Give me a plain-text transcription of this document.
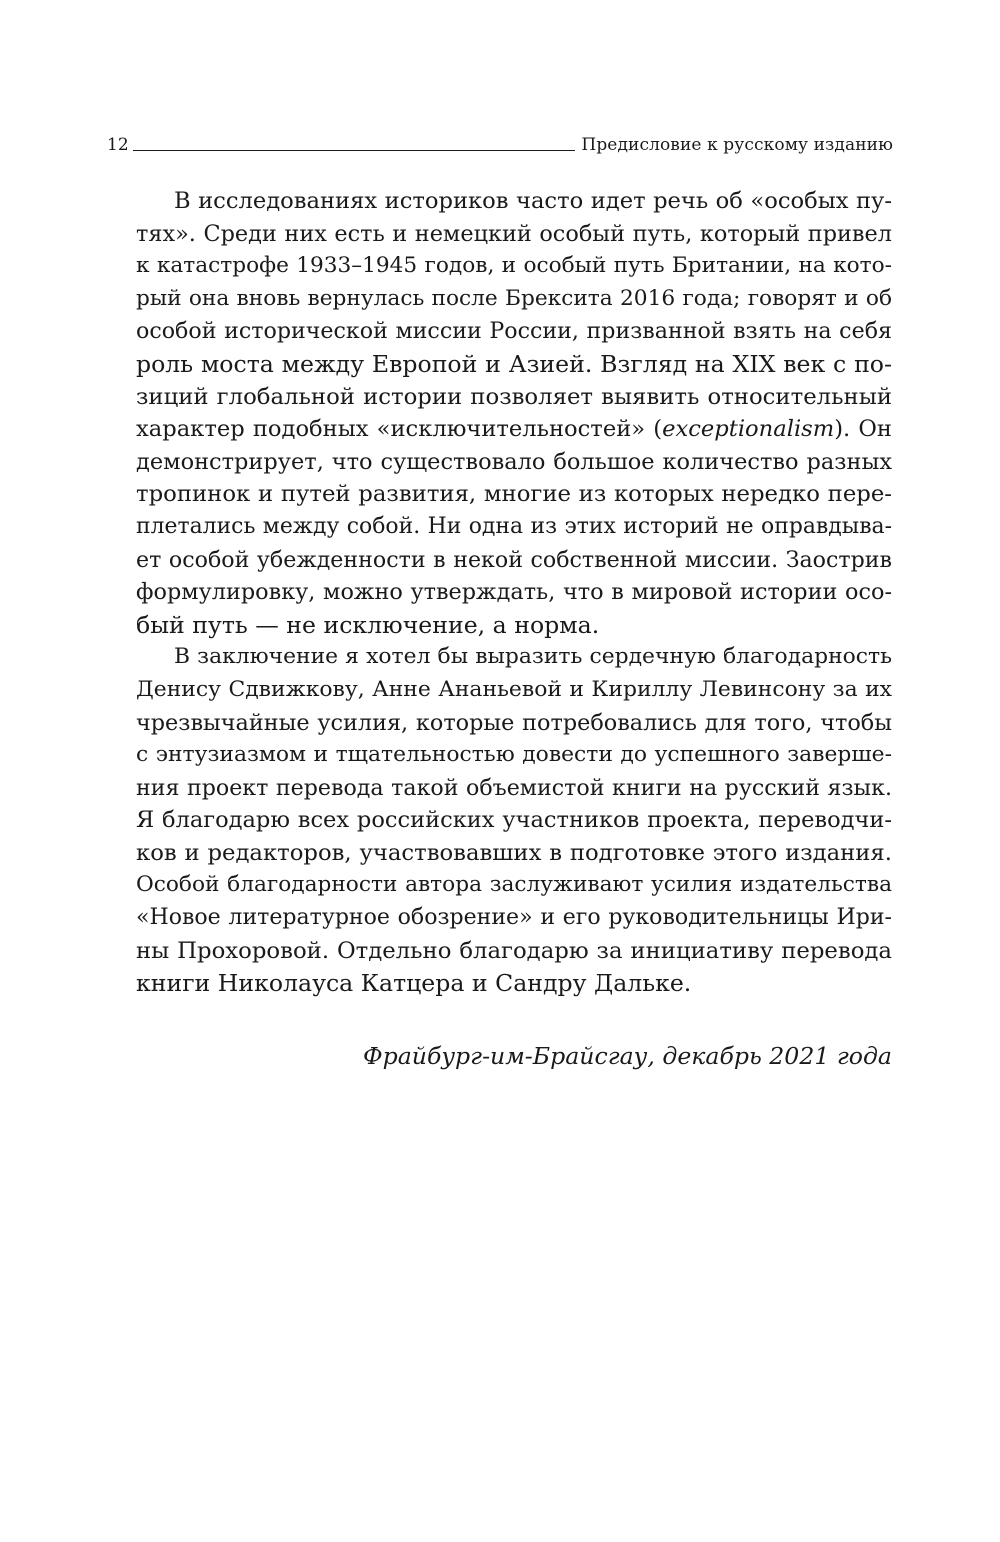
12	Предисловие к русскому изданию

В исследованиях историков часто идет речь об «особых пу-
тях». Среди них есть и немецкий особый путь, который привел
к катастрофе 1933–1945 годов, и особый путь Британии, на кото-
рый она вновь вернулась после Брексита 2016 года; говорят и об
особой исторической миссии России, призванной взять на себя
роль моста между Европой и Азией. Взгляд на XIX век с по-
зиций глобальной истории позволяет выявить относительный
характер подобных «исключительностей» (exceptionalism). Он
демонстрирует, что существовало большое количество разных
тропинок и путей развития, многие из которых нередко пере-
плетались между собой. Ни одна из этих историй не оправдыва-
ет особой убежденности в некой собственной миссии. Заострив
формулировку, можно утверждать, что в мировой истории осо-
бый путь — не исключение, а норма.

В заключение я хотел бы выразить сердечную благодарность
Денису Сдвижкову, Анне Ананьевой и Кириллу Левинсону за их
чрезвычайные усилия, которые потребовались для того, чтобы
с энтузиазмом и тщательностью довести до успешного заверше-
ния проект перевода такой объемистой книги на русский язык.
Я благодарю всех российских участников проекта, переводчи-
ков и редакторов, участвовавших в подготовке этого издания.
Особой благодарности автора заслуживают усилия издательства
«Новое литературное обозрение» и его руководительницы Ири-
ны Прохоровой. Отдельно благодарю за инициативу перевода
книги Николауса Катцера и Сандру Дальке.

Фрайбург-им-Брайсгау, декабрь 2021 года
